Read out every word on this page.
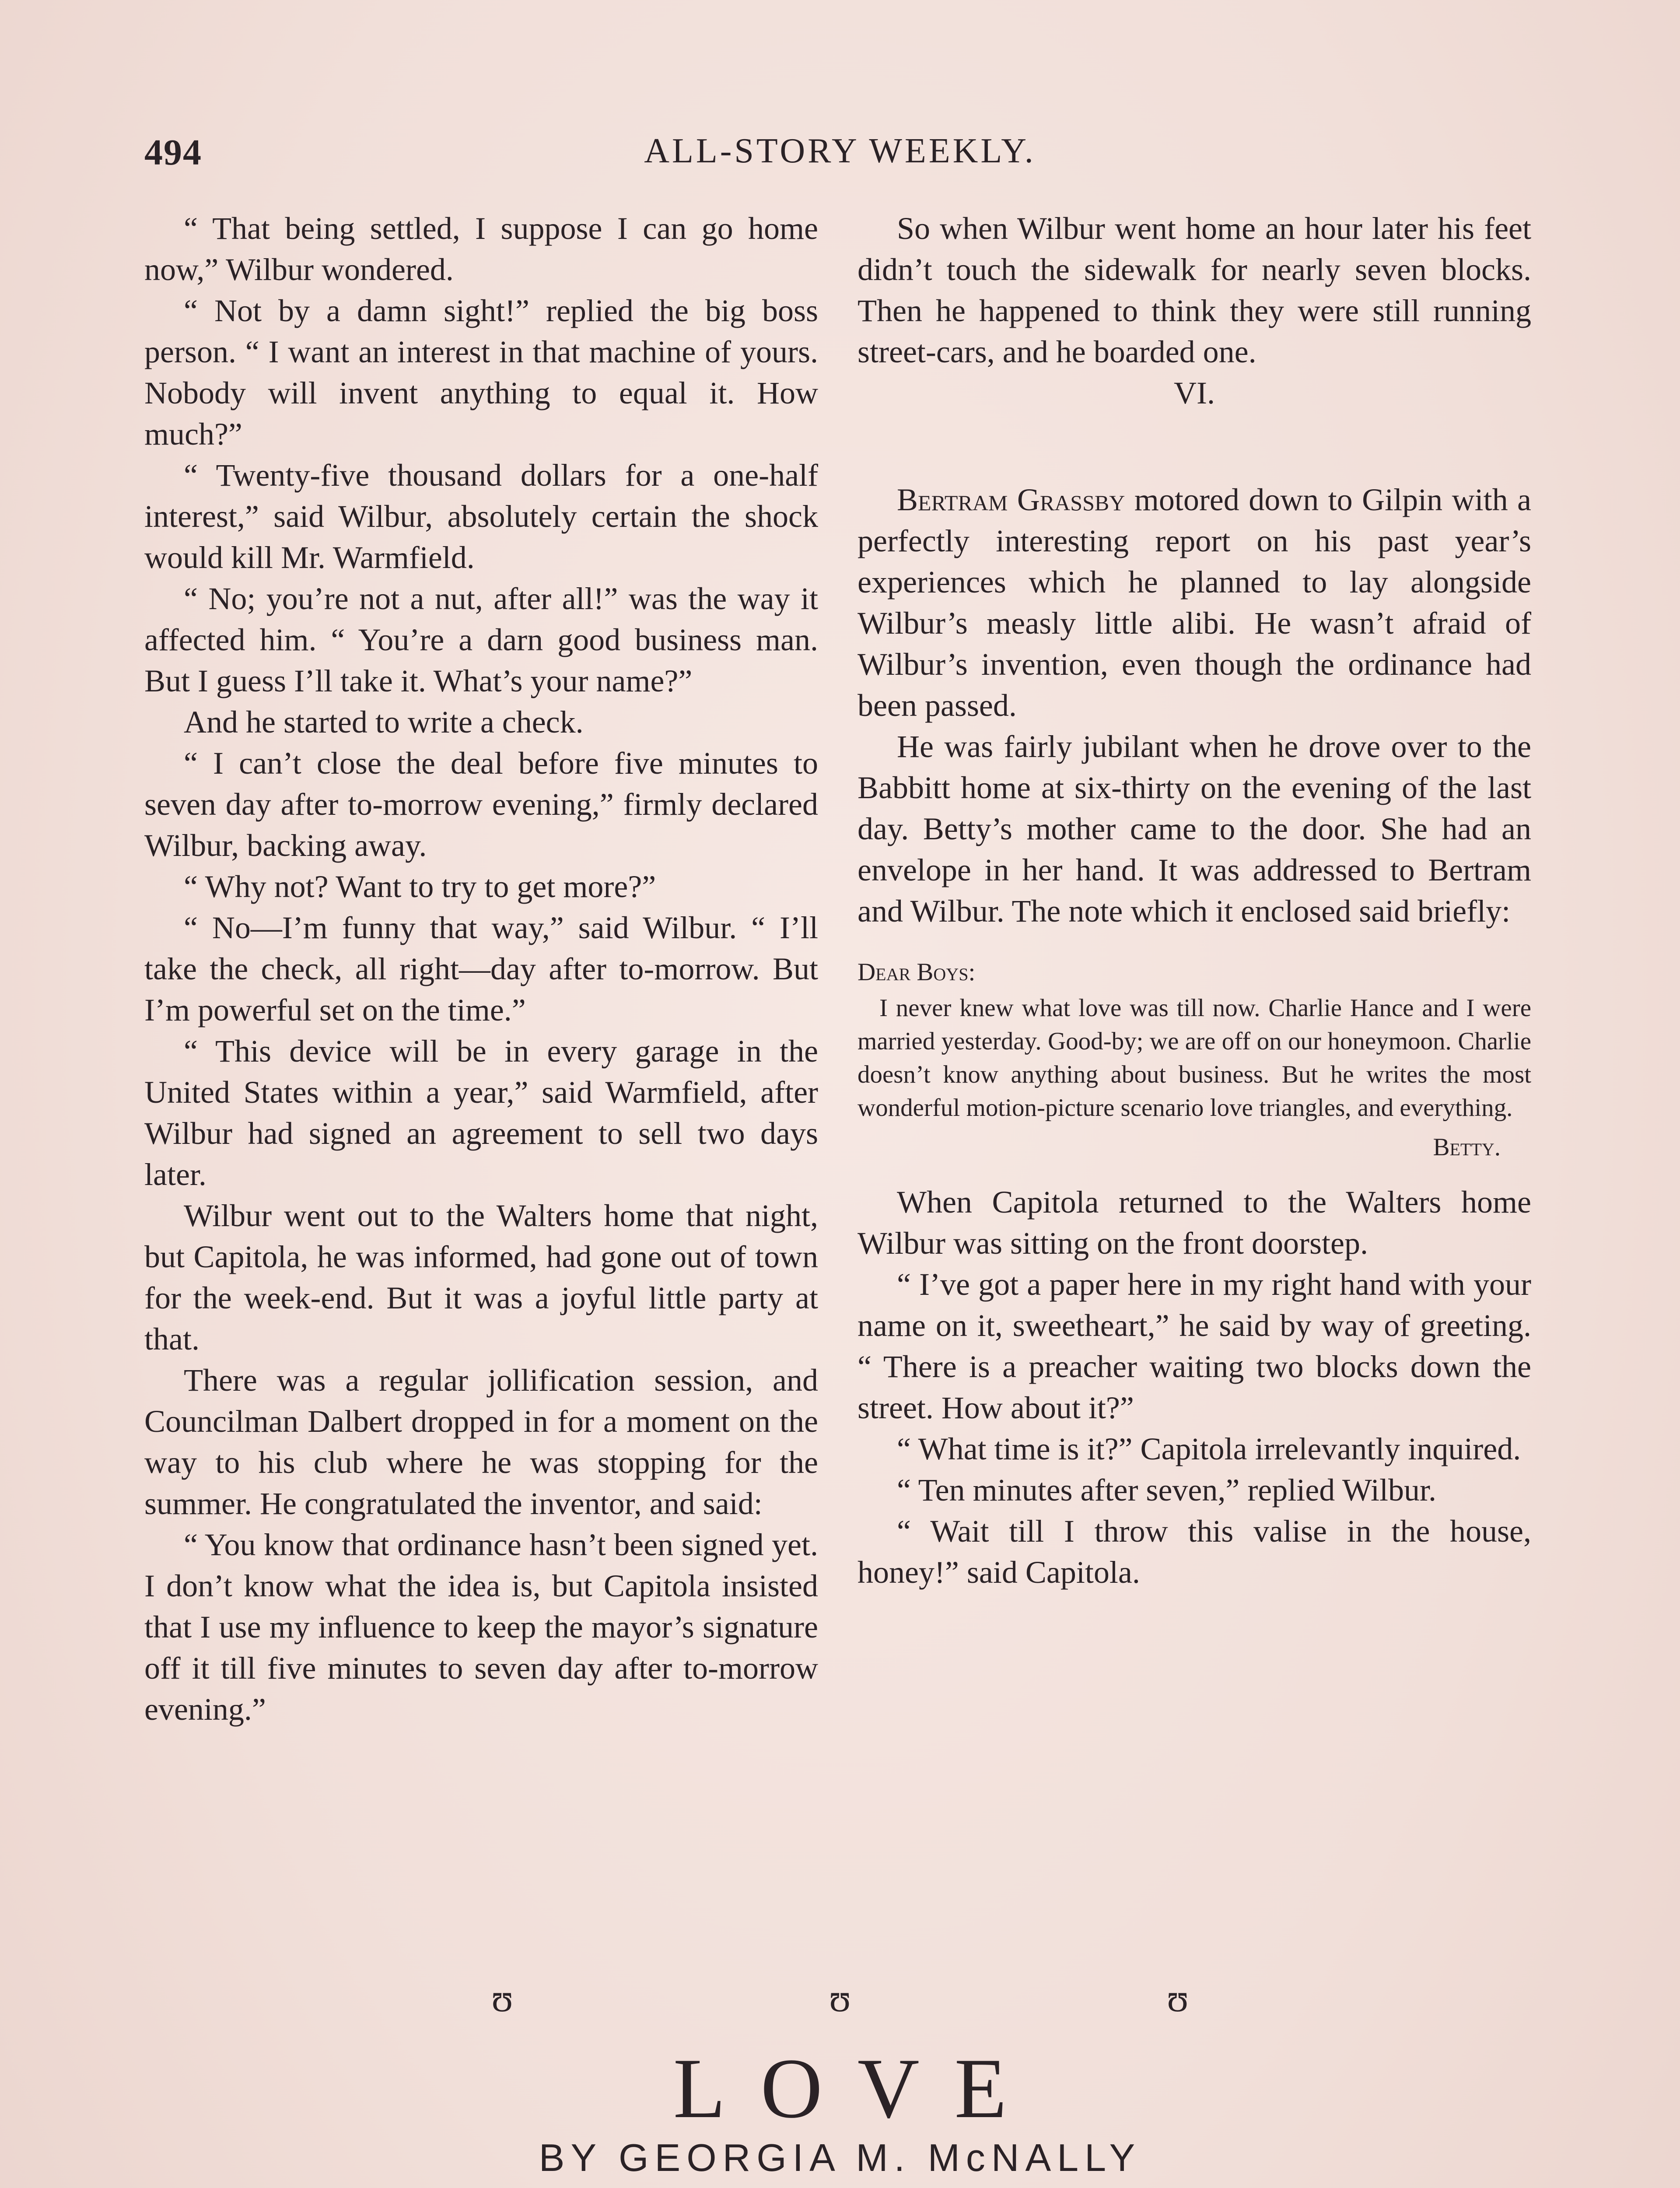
494	ALL-STORY WEEKLY.

“ That being settled, I suppose I can go home now,” Wilbur wondered.

“ Not by a damn sight!” replied the big boss person. “ I want an interest in that machine of yours. Nobody will invent anything to equal it. How much?”

“ Twenty-five thousand dollars for a one-half interest,” said Wilbur, absolutely certain the shock would kill Mr. Warmfield.

“ No; you’re not a nut, after all!” was the way it affected him. “ You’re a darn good business man. But I guess I’ll take it. What’s your name?”

And he started to write a check.

“ I can’t close the deal before five minutes to seven day after to-morrow evening,” firmly declared Wilbur, backing away.

“ Why not? Want to try to get more?”

“ No—I’m funny that way,” said Wilbur. “ I’ll take the check, all right—day after to-morrow. But I’m powerful set on the time.”

“ This device will be in every garage in the United States within a year,” said Warmfield, after Wilbur had signed an agreement to sell two days later.

Wilbur went out to the Walters home that night, but Capitola, he was informed, had gone out of town for the week-end. But it was a joyful little party at that.

There was a regular jollification session, and Councilman Dalbert dropped in for a moment on the way to his club where he was stopping for the summer. He congratulated the inventor, and said:

“ You know that ordinance hasn’t been signed yet. I don’t know what the idea is, but Capitola insisted that I use my influence to keep the mayor’s signature off it till five minutes to seven day after to-morrow evening.”

So when Wilbur went home an hour later his feet didn’t touch the sidewalk for nearly seven blocks. Then he happened to think they were still running street-cars, and he boarded one.

VI.

Bertram Grassby motored down to Gilpin with a perfectly interesting report on his past year’s experiences which he planned to lay alongside Wilbur’s measly little alibi. He wasn’t afraid of Wilbur’s invention, even though the ordinance had been passed.

He was fairly jubilant when he drove over to the Babbitt home at six-thirty on the evening of the last day. Betty’s mother came to the door. She had an envelope in her hand. It was addressed to Bertram and Wilbur. The note which it enclosed said briefly:

Dear Boys:

I never knew what love was till now. Charlie Hance and I were married yesterday. Good-by; we are off on our honeymoon. Charlie doesn’t know anything about business. But he writes the most wonderful motion-picture scenario love triangles, and everything.

Betty.

When Capitola returned to the Walters home Wilbur was sitting on the front doorstep.

“ I’ve got a paper here in my right hand with your name on it, sweetheart,” he said by way of greeting. “ There is a preacher waiting two blocks down the street. How about it?”

“ What time is it?” Capitola irrelevantly inquired.

“ Ten minutes after seven,” replied Wilbur.

“ Wait till I throw this valise in the house, honey!” said Capitola.

ʊ ʊ ʊ
LOVE
BY GEORGIA M. McNALLY
